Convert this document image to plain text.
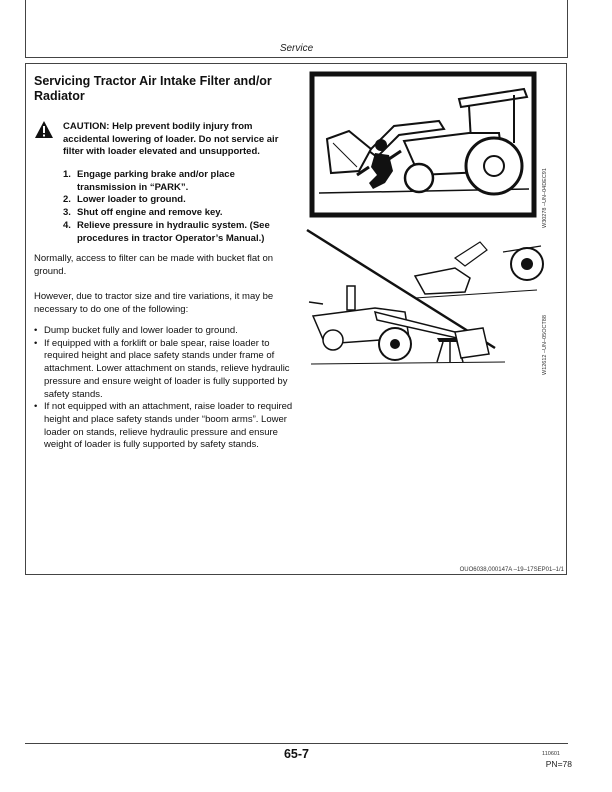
Service
Servicing Tractor Air Intake Filter and/or Radiator
CAUTION: Help prevent bodily injury from accidental lowering of loader. Do not service air filter with loader elevated and unsupported.
1. Engage parking brake and/or place transmission in “PARK”.
2. Lower loader to ground.
3. Shut off engine and remove key.
4. Relieve pressure in hydraulic system. (See procedures in tractor Operator’s Manual.)

Normally, access to filter can be made with bucket flat on ground.

However, due to tractor size and tire variations, it may be necessary to do one of the following:

• Dump bucket fully and lower loader to ground.
• If equipped with a forklift or bale spear, raise loader to required height and place safety stands under frame of attachment. Lower attachment on stands, relieve hydraulic pressure and ensure weight of loader is fully supported by safety stands.
• If not equipped with an attachment, raise loader to required height and place safety stands under “boom arms”. Lower loader on stands, relieve hydraulic pressure and ensure weight of loader is fully supported by safety stands.
W30278 –UN–04DEC91
W12612 –UN–05OCT88
OUO6038,000147A –19–17SEP01–1/1
65-7	110601
PN=78
